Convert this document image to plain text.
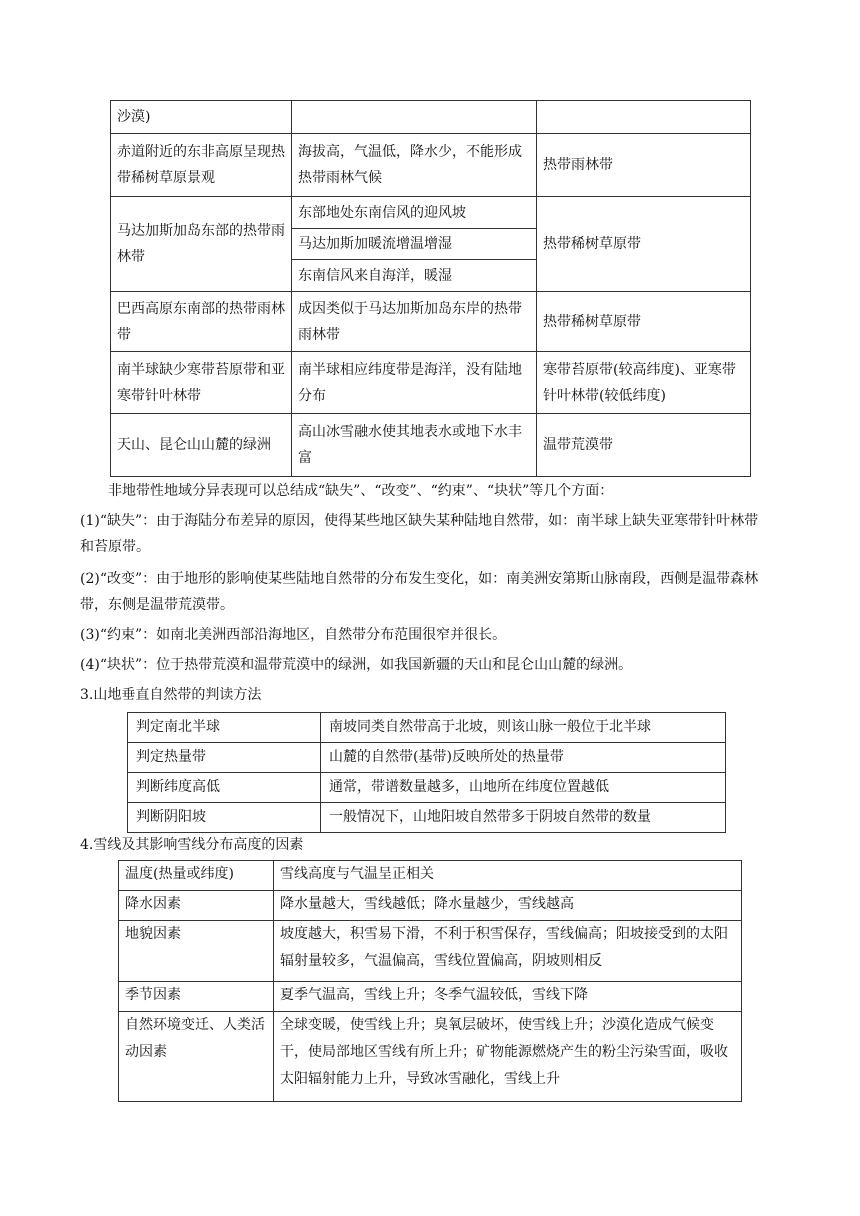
沙漠)		
赤道附近的东非高原呈现热带稀树草原景观	海拔高，气温低，降水少，不能形成热带雨林气候	热带雨林带
马达加斯加岛东部的热带雨林带	东部地处东南信风的迎风坡	热带稀树草原带
	马达加斯加暖流增温增湿	
	东南信风来自海洋，暖湿	
巴西高原东南部的热带雨林带	成因类似于马达加斯加岛东岸的热带雨林带	热带稀树草原带
南半球缺少寒带苔原带和亚寒带针叶林带	南半球相应纬度带是海洋，没有陆地分布	寒带苔原带(较高纬度)、亚寒带针叶林带(较低纬度)
天山、昆仑山山麓的绿洲	高山冰雪融水使其地表水或地下水丰富	温带荒漠带

非地带性地域分异表现可以总结成“缺失”、“改变”、“约束”、“块状”等几个方面：

(1)“缺失”：由于海陆分布差异的原因，使得某些地区缺失某种陆地自然带，如：南半球上缺失亚寒带针叶林带和苔原带。

(2)“改变”：由于地形的影响使某些陆地自然带的分布发生变化，如：南美洲安第斯山脉南段，西侧是温带森林带，东侧是温带荒漠带。

(3)“约束”：如南北美洲西部沿海地区，自然带分布范围很窄并很长。

(4)“块状”：位于热带荒漠和温带荒漠中的绿洲，如我国新疆的天山和昆仑山山麓的绿洲。

3.山地垂直自然带的判读方法

判定南北半球	南坡同类自然带高于北坡，则该山脉一般位于北半球
判定热量带	山麓的自然带(基带)反映所处的热量带
判断纬度高低	通常，带谱数量越多，山地所在纬度位置越低
判断阴阳坡	一般情况下，山地阳坡自然带多于阴坡自然带的数量

4.雪线及其影响雪线分布高度的因素

温度(热量或纬度)	雪线高度与气温呈正相关
降水因素	降水量越大，雪线越低；降水量越少，雪线越高
地貌因素	坡度越大，积雪易下滑，不利于积雪保存，雪线偏高；阳坡接受到的太阳辐射量较多，气温偏高，雪线位置偏高，阴坡则相反
季节因素	夏季气温高，雪线上升；冬季气温较低，雪线下降
自然环境变迁、人类活动因素	全球变暖，使雪线上升；臭氧层破坏，使雪线上升；沙漠化造成气候变干，使局部地区雪线有所上升；矿物能源燃烧产生的粉尘污染雪面，吸收太阳辐射能力上升，导致冰雪融化，雪线上升
